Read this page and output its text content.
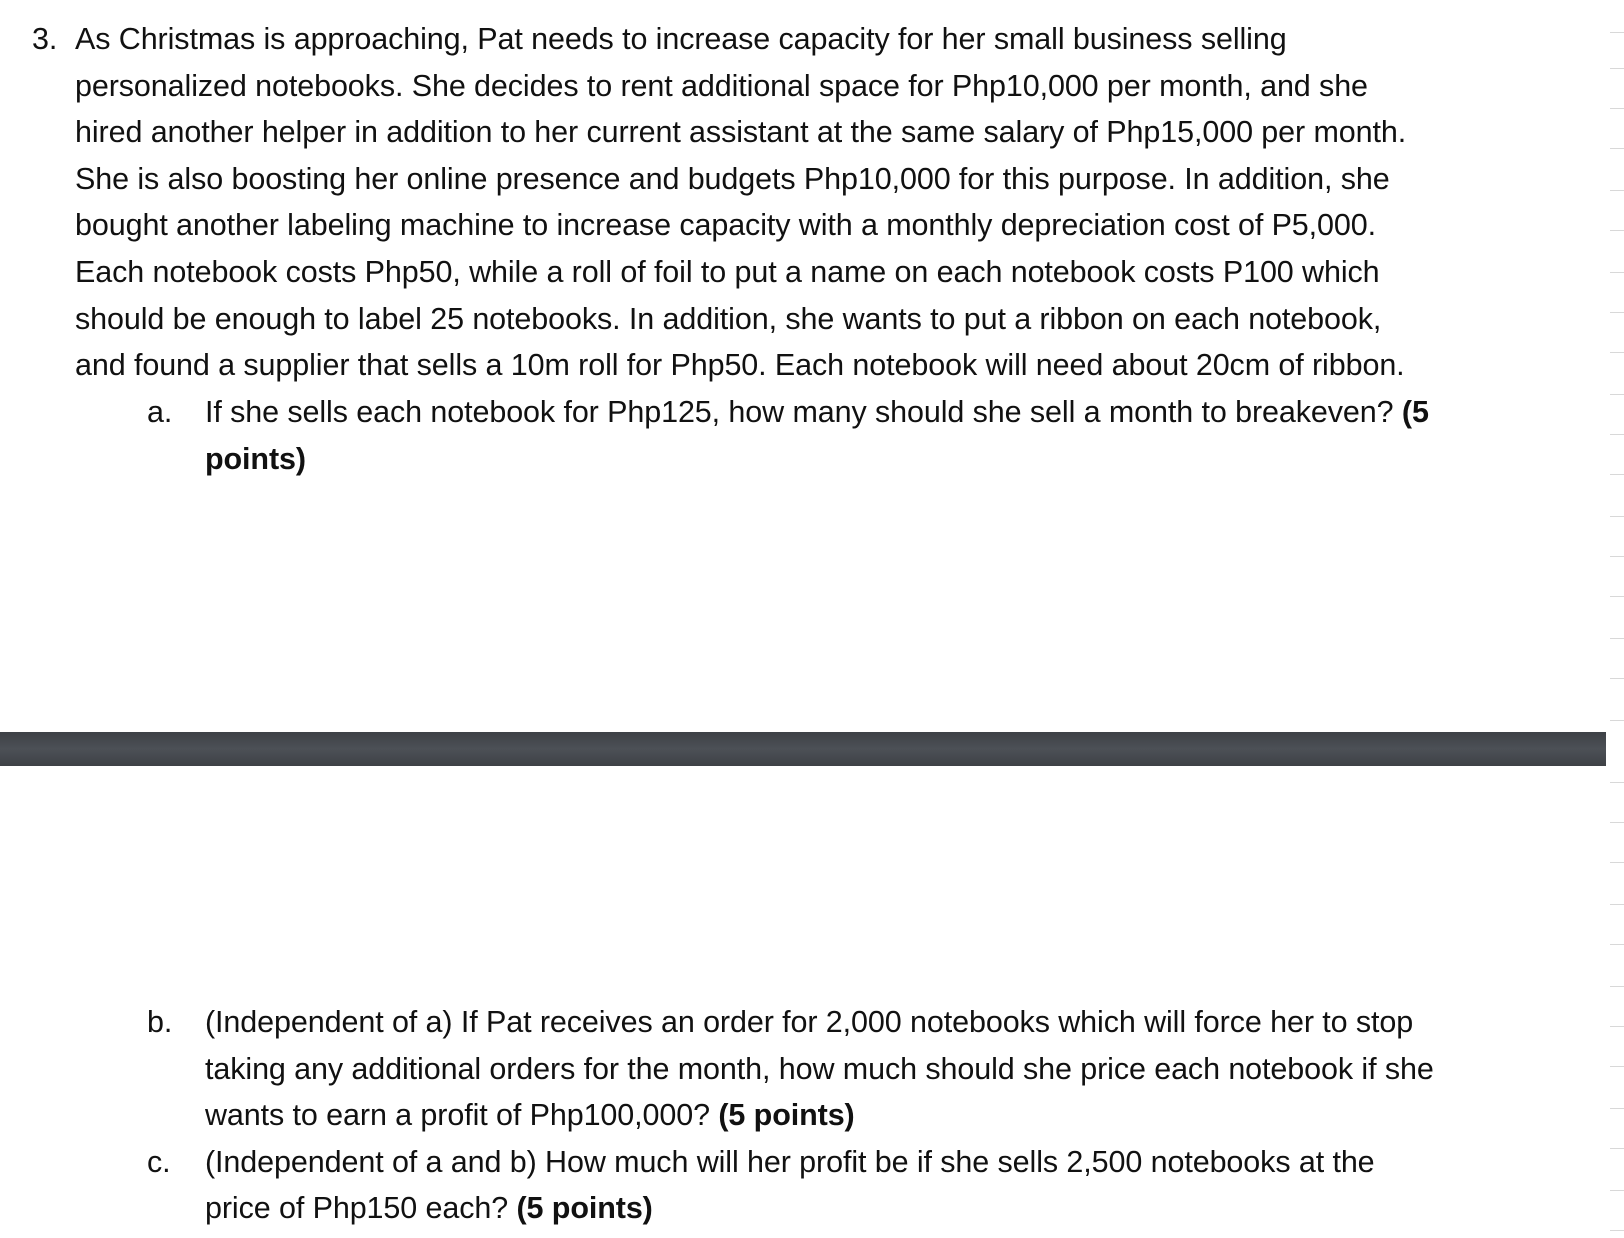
3. As Christmas is approaching, Pat needs to increase capacity for her small business selling
personalized notebooks. She decides to rent additional space for Php10,000 per month, and she
hired another helper in addition to her current assistant at the same salary of Php15,000 per month.
She is also boosting her online presence and budgets Php10,000 for this purpose. In addition, she
bought another labeling machine to increase capacity with a monthly depreciation cost of P5,000.
Each notebook costs Php50, while a roll of foil to put a name on each notebook costs P100 which
should be enough to label 25 notebooks. In addition, she wants to put a ribbon on each notebook,
and found a supplier that sells a 10m roll for Php50. Each notebook will need about 20cm of ribbon.
a. If she sells each notebook for Php125, how many should she sell a month to breakeven? (5
points)
b. (Independent of a) If Pat receives an order for 2,000 notebooks which will force her to stop
taking any additional orders for the month, how much should she price each notebook if she
wants to earn a profit of Php100,000? (5 points)
c. (Independent of a and b) How much will her profit be if she sells 2,500 notebooks at the
price of Php150 each? (5 points)
